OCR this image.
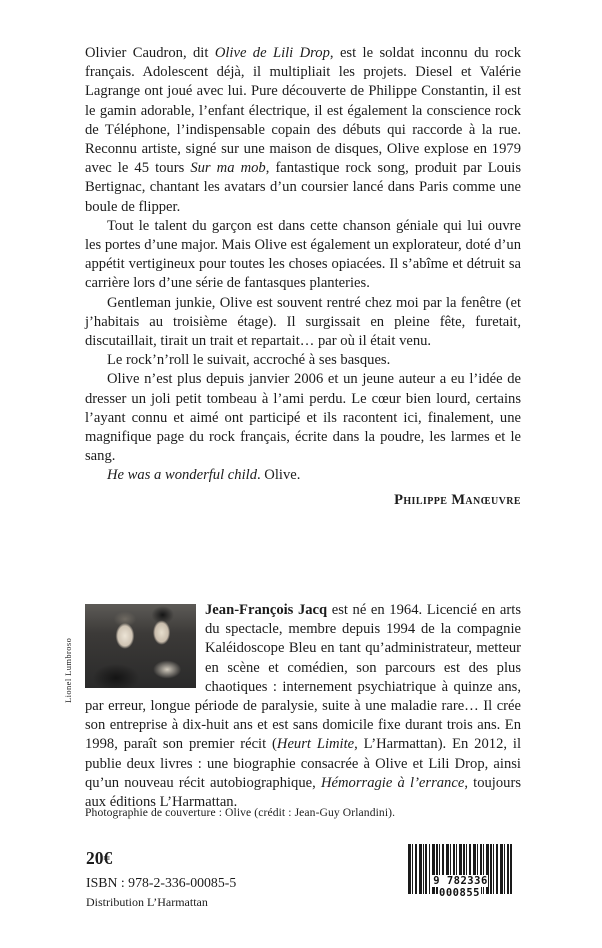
Olivier Caudron, dit Olive de Lili Drop, est le soldat inconnu du rock français. Adolescent déjà, il multipliait les projets. Diesel et Valérie Lagrange ont joué avec lui. Pure découverte de Philippe Constantin, il est le gamin adorable, l’enfant électrique, il est également la conscience rock de Téléphone, l’indispensable copain des débuts qui raccorde à la rue. Reconnu artiste, signé sur une maison de disques, Olive explose en 1979 avec le 45 tours Sur ma mob, fantastique rock song, produit par Louis Bertignac, chantant les avatars d’un coursier lancé dans Paris comme une boule de flipper.

Tout le talent du garçon est dans cette chanson géniale qui lui ouvre les portes d’une major. Mais Olive est également un explorateur, doté d’un appétit vertigineux pour toutes les choses opiacées. Il s’abîme et détruit sa carrière lors d’une série de fantasques planteries.

Gentleman junkie, Olive est souvent rentré chez moi par la fenêtre (et j’habitais au troisième étage). Il surgissait en pleine fête, furetait, discutaillait, tirait un trait et repartait… par où il était venu.

Le rock’n’roll le suivait, accroché à ses basques.

Olive n’est plus depuis janvier 2006 et un jeune auteur a eu l’idée de dresser un joli petit tombeau à l’ami perdu. Le cœur bien lourd, certains l’ayant connu et aimé ont participé et ils racontent ici, finalement, une magnifique page du rock français, écrite dans la poudre, les larmes et le sang.

He was a wonderful child. Olive.

Philippe Manœuvre

Lionel Lumbroso

Jean-François Jacq est né en 1964. Licencié en arts du spectacle, membre depuis 1994 de la compagnie Kaléidoscope Bleu en tant qu’administrateur, metteur en scène et comédien, son parcours est des plus chaotiques : internement psychiatrique à quinze ans, par erreur, longue période de paralysie, suite à une maladie rare… Il crée son entreprise à dix-huit ans et est sans domicile fixe durant trois ans. En 1998, paraît son premier récit (Heurt Limite, L’Harmattan). En 2012, il publie deux livres : une biographie consacrée à Olive et Lili Drop, ainsi qu’un nouveau récit autobiographique, Hémorragie à l’errance, toujours aux éditions L’Harmattan.

Photographie de couverture : Olive (crédit : Jean-Guy Orlandini).
20€
ISBN : 978-2-336-00085-5
Distribution L’Harmattan
9 782336 000855
